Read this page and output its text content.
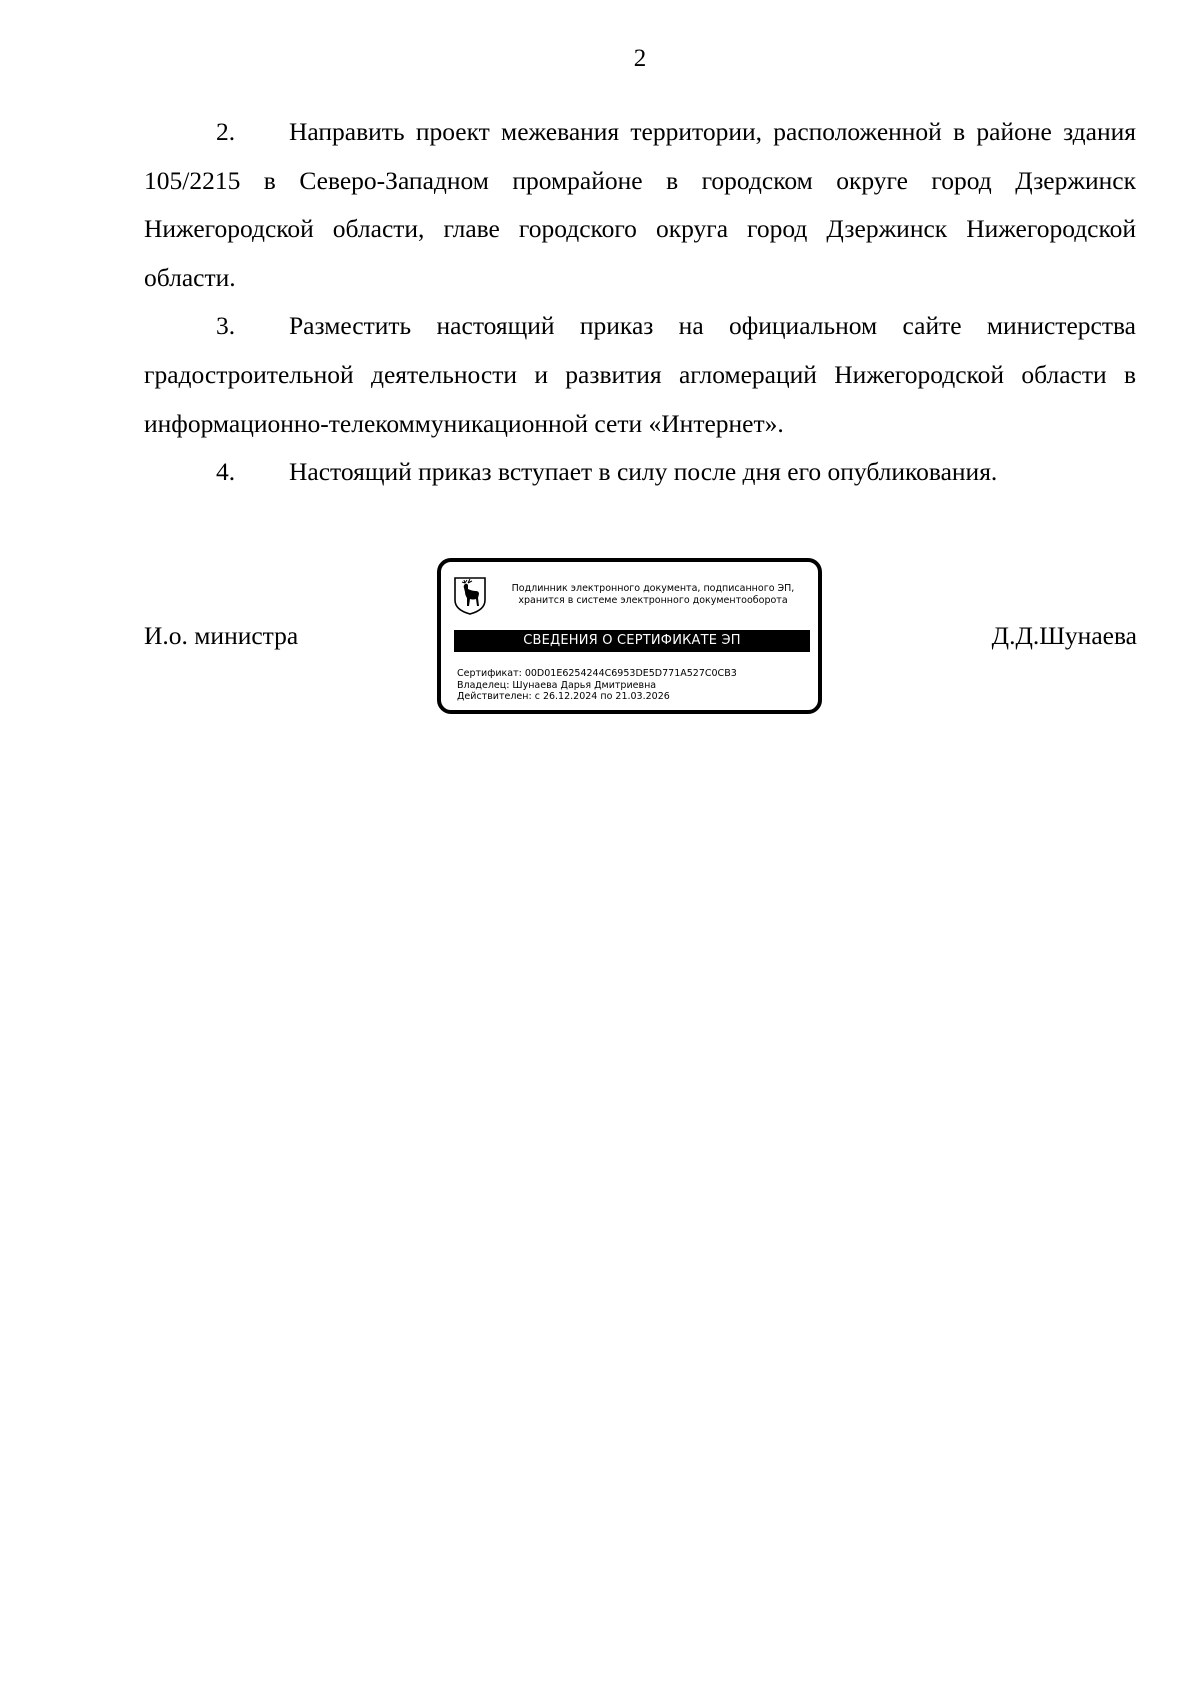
2

2. Направить проект межевания территории, расположенной в районе здания 105/2215 в Северо-Западном промрайоне в городском округе город Дзержинск Нижегородской области, главе городского округа город Дзержинск Нижегородской области.

3. Разместить настоящий приказ на официальном сайте министерства градостроительной деятельности и развития агломераций Нижегородской области в информационно-телекоммуникационной сети «Интернет».

4. Настоящий приказ вступает в силу после дня его опубликования.

И.о. министра	Д.Д.Шунаева
Подлинник электронного документа, подписанного ЭП,
хранится в системе электронного документооборота
СВЕДЕНИЯ О СЕРТИФИКАТЕ ЭП
Сертификат: 00D01E6254244C6953DE5D771A527C0CB3
Владелец: Шунаева Дарья Дмитриевна
Действителен: с 26.12.2024 по 21.03.2026
